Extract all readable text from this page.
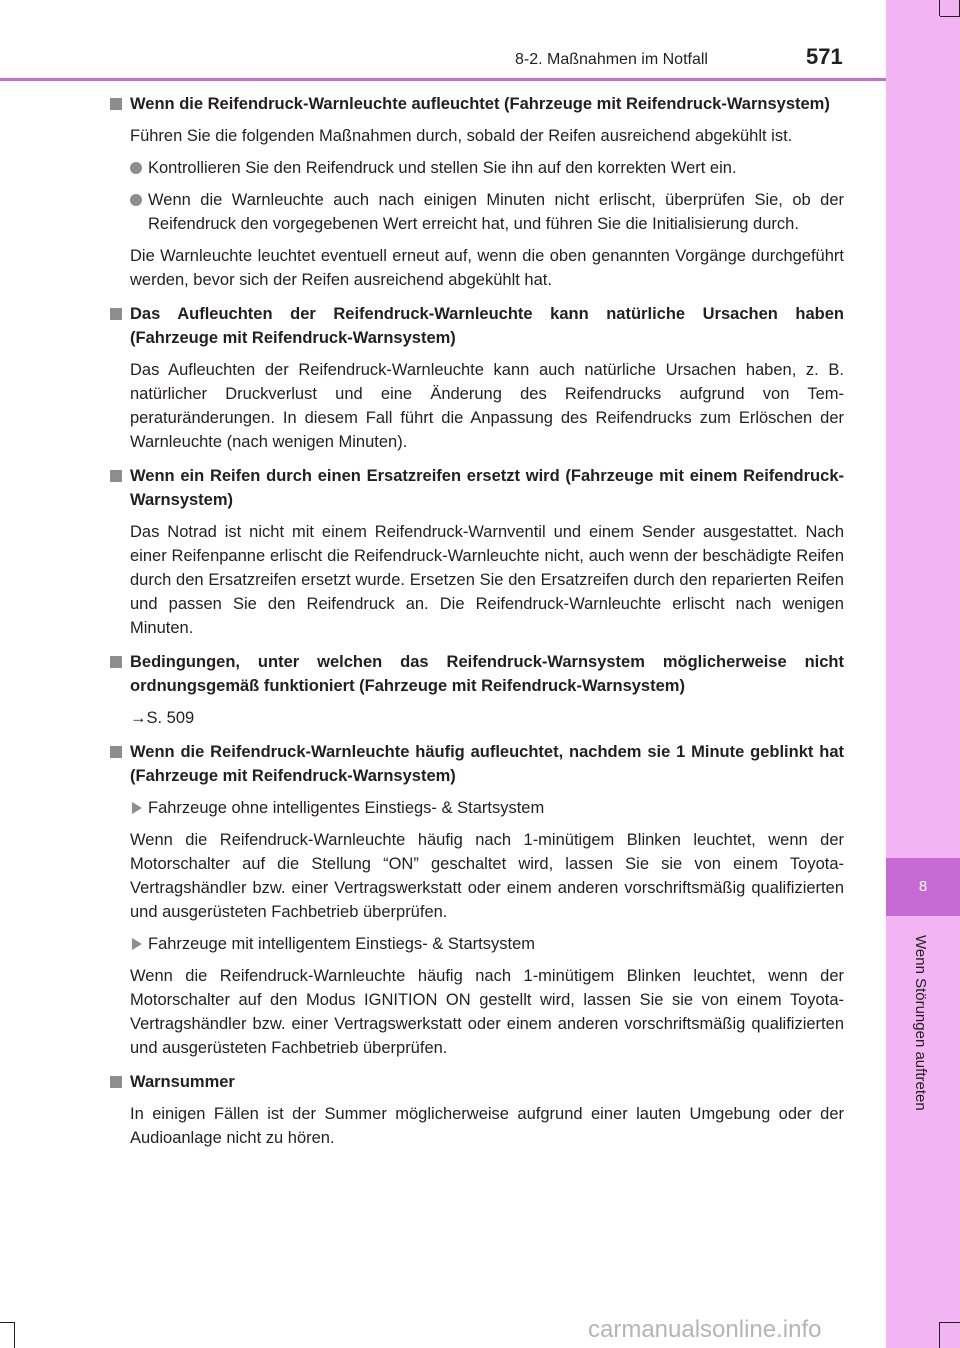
8
Wenn Störungen auftreten
8-2. Maßnahmen im Notfall	571
Wenn die Reifendruck-Warnleuchte aufleuchtet (Fahrzeuge mit Reifendruck-Warnsystem)
Führen Sie die folgenden Maßnahmen durch, sobald der Reifen ausreichend abgekühlt ist.
Kontrollieren Sie den Reifendruck und stellen Sie ihn auf den korrekten Wert ein.
Wenn die Warnleuchte auch nach einigen Minuten nicht erlischt, überprüfen Sie, ob der Reifendruck den vorgegebenen Wert erreicht hat, und führen Sie die Initialisierung durch.
Die Warnleuchte leuchtet eventuell erneut auf, wenn die oben genannten Vorgänge durchgeführt werden, bevor sich der Reifen ausreichend abgekühlt hat.
Das Aufleuchten der Reifendruck-Warnleuchte kann natürliche Ursachen haben (Fahrzeuge mit Reifendruck-Warnsystem)
Das Aufleuchten der Reifendruck-Warnleuchte kann auch natürliche Ursachen haben, z. B. natürlicher Druckverlust und eine Änderung des Reifendrucks aufgrund von Temperaturänderungen. In diesem Fall führt die Anpassung des Reifendrucks zum Erlöschen der Warnleuchte (nach wenigen Minuten).
Wenn ein Reifen durch einen Ersatzreifen ersetzt wird (Fahrzeuge mit einem Reifendruck-Warnsystem)
Das Notrad ist nicht mit einem Reifendruck-Warnventil und einem Sender ausgestattet. Nach einer Reifenpanne erlischt die Reifendruck-Warnleuchte nicht, auch wenn der beschädigte Reifen durch den Ersatzreifen ersetzt wurde. Ersetzen Sie den Ersatzreifen durch den reparierten Reifen und passen Sie den Reifendruck an. Die Reifendruck-Warnleuchte erlischt nach wenigen Minuten.
Bedingungen, unter welchen das Reifendruck-Warnsystem möglicherweise nicht ordnungsgemäß funktioniert (Fahrzeuge mit Reifendruck-Warnsystem)
→S. 509
Wenn die Reifendruck-Warnleuchte häufig aufleuchtet, nachdem sie 1 Minute geblinkt hat (Fahrzeuge mit Reifendruck-Warnsystem)
Fahrzeuge ohne intelligentes Einstiegs- & Startsystem
Wenn die Reifendruck-Warnleuchte häufig nach 1-minütigem Blinken leuchtet, wenn der Motorschalter auf die Stellung “ON” geschaltet wird, lassen Sie sie von einem Toyota-Vertragshändler bzw. einer Vertragswerkstatt oder einem anderen vorschriftsmäßig qualifizierten und ausgerüsteten Fachbetrieb überprüfen.
Fahrzeuge mit intelligentem Einstiegs- & Startsystem
Wenn die Reifendruck-Warnleuchte häufig nach 1-minütigem Blinken leuchtet, wenn der Motorschalter auf den Modus IGNITION ON gestellt wird, lassen Sie sie von einem Toyota-Vertragshändler bzw. einer Vertragswerkstatt oder einem anderen vorschriftsmäßig qualifizierten und ausgerüsteten Fachbetrieb überprüfen.
Warnsummer
In einigen Fällen ist der Summer möglicherweise aufgrund einer lauten Umgebung oder der Audioanlage nicht zu hören.
carmanualsonline.info
